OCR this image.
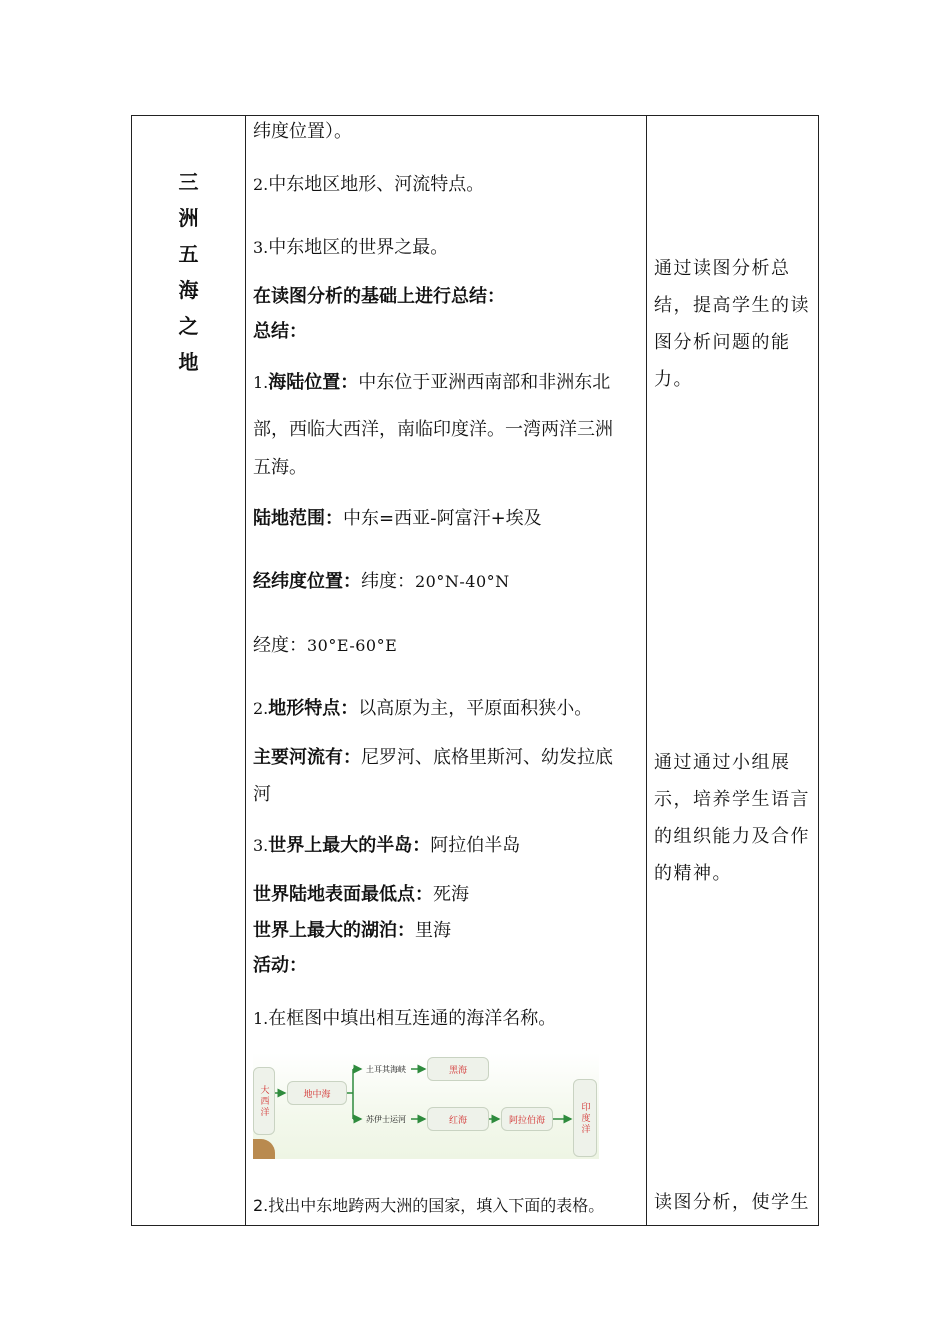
三
洲
五
海
之
地
纬度位置）。
2.中东地区地形、河流特点。
3.中东地区的世界之最。
在读图分析的基础上进行总结：
总结：
1.海陆位置：中东位于亚洲西南部和非洲东北
部，西临大西洋，南临印度洋。一湾两洋三洲
五海。
陆地范围：中东=西亚-阿富汗+埃及
经纬度位置：纬度：20°N-40°N
经度：30°E-60°E
2.地形特点：以高原为主，平原面积狭小。
主要河流有：尼罗河、底格里斯河、幼发拉底
河
3.世界上最大的半岛：阿拉伯半岛
世界陆地表面最低点：死海
世界上最大的湖泊：里海
活动：
1.在框图中填出相互连通的海洋名称。
大西洋	地中海
土耳其海峡	黑海
苏伊士运河	红海	阿拉伯海	印度洋
2.找出中东地跨两大洲的国家，填入下面的表格。
通过读图分析总
结，提高学生的读
图分析问题的能
力。
通过通过小组展
示，培养学生语言
的组织能力及合作
的精神。
读图分析，使学生
